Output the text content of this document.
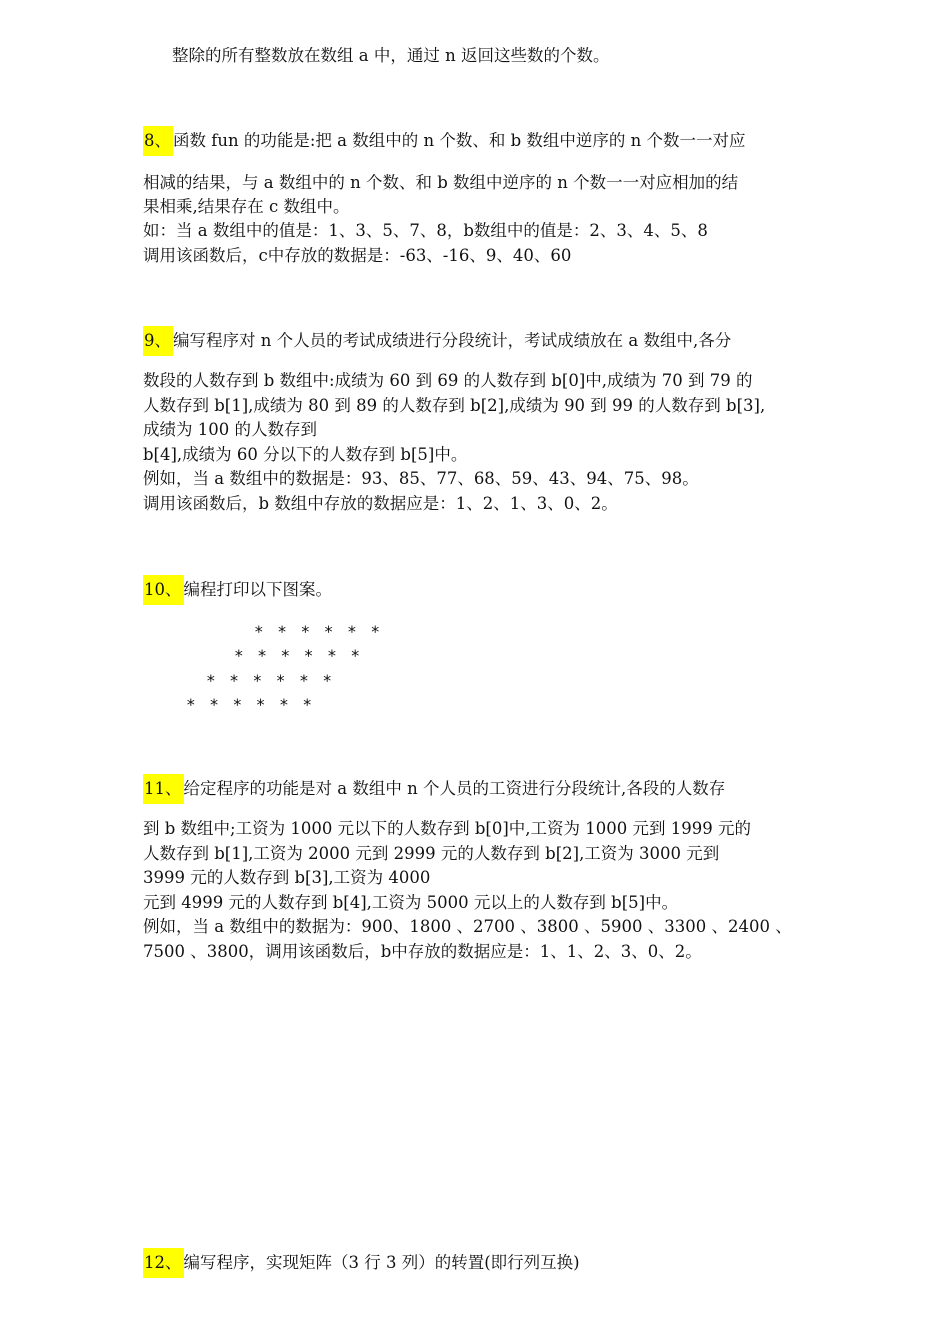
整除的所有整数放在数组 a 中，通过 n 返回这些数的个数。
8、 函数 fun 的功能是:把 a 数组中的 n 个数、和 b 数组中逆序的 n 个数一一对应
相减的结果，与 a 数组中的 n 个数、和 b 数组中逆序的 n 个数一一对应相加的结
果相乘,结果存在 c 数组中。
如：当 a 数组中的值是：1、3、5、7、8，b数组中的值是：2、3、4、5、8
调用该函数后，c中存放的数据是：-63、-16、9、40、60
9、 编写程序对 n 个人员的考试成绩进行分段统计，考试成绩放在 a 数组中,各分
数段的人数存到 b 数组中:成绩为 60 到 69 的人数存到 b[0]中,成绩为 70 到 79 的
人数存到 b[1],成绩为 80 到 89 的人数存到 b[2],成绩为 90 到 99 的人数存到 b[3],
成绩为 100 的人数存到
b[4],成绩为 60 分以下的人数存到 b[5]中。
例如，当 a 数组中的数据是：93、85、77、68、59、43、94、75、98。
调用该函数后，b 数组中存放的数据应是：1、2、1、3、0、2。
10、 编程打印以下图案。
* * * * * *
* * * * * *
* * * * * *
* * * * * *
11、 给定程序的功能是对 a 数组中 n 个人员的工资进行分段统计,各段的人数存
到 b 数组中;工资为 1000 元以下的人数存到 b[0]中,工资为 1000 元到 1999 元的
人数存到 b[1],工资为 2000 元到 2999 元的人数存到 b[2],工资为 3000 元到
3999 元的人数存到 b[3],工资为 4000
元到 4999 元的人数存到 b[4],工资为 5000 元以上的人数存到 b[5]中。
例如，当 a 数组中的数据为：900、1800 、2700 、3800 、5900 、3300 、2400 、
7500 、3800，调用该函数后，b中存放的数据应是：1、1、2、3、0、2。
12、 编写程序，实现矩阵（3 行 3 列）的转置(即行列互换)
